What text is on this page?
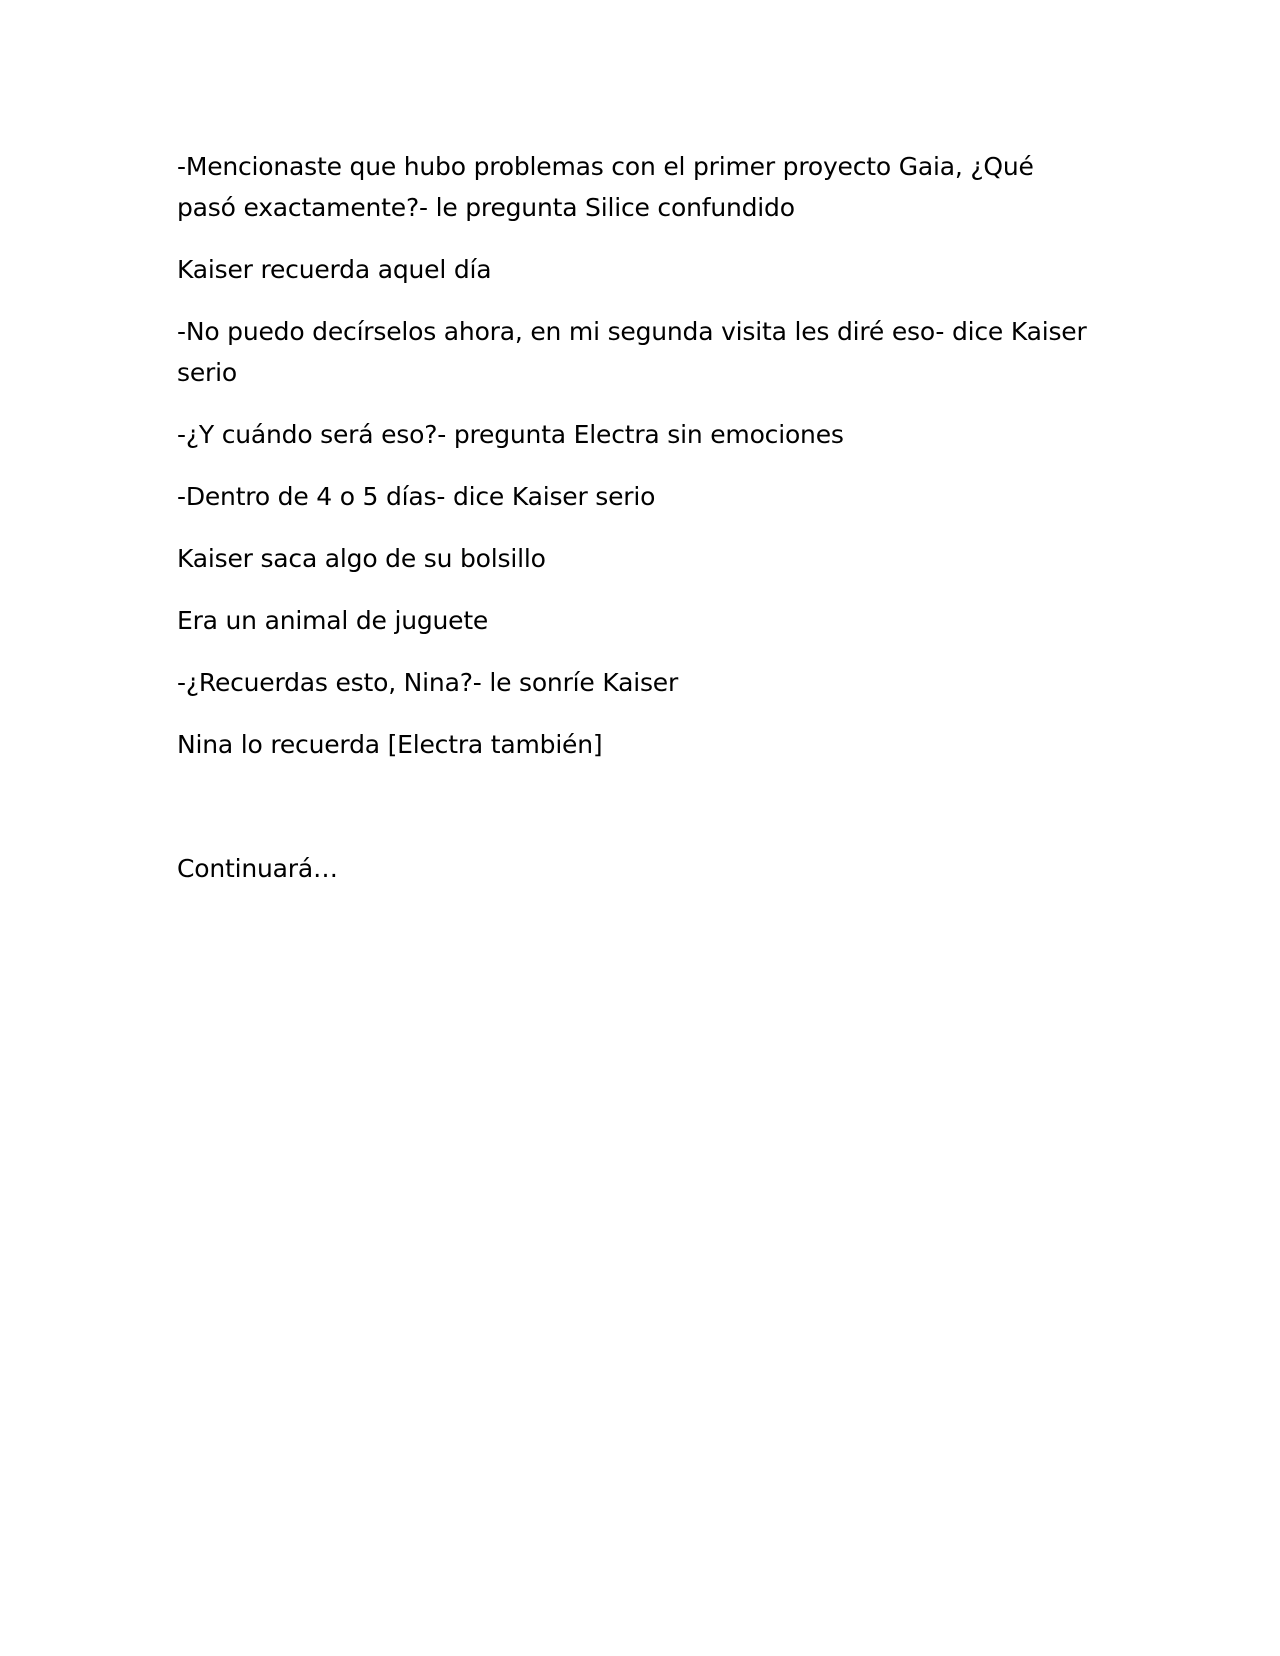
-Mencionaste que hubo problemas con el primer proyecto Gaia, ¿Qué pasó exactamente?- le pregunta Silice confundido

Kaiser recuerda aquel día

-No puedo decírselos ahora, en mi segunda visita les diré eso- dice Kaiser serio

-¿Y cuándo será eso?- pregunta Electra sin emociones

-Dentro de 4 o 5 días- dice Kaiser serio

Kaiser saca algo de su bolsillo

Era un animal de juguete

-¿Recuerdas esto, Nina?- le sonríe Kaiser

Nina lo recuerda [Electra también]

Continuará…
